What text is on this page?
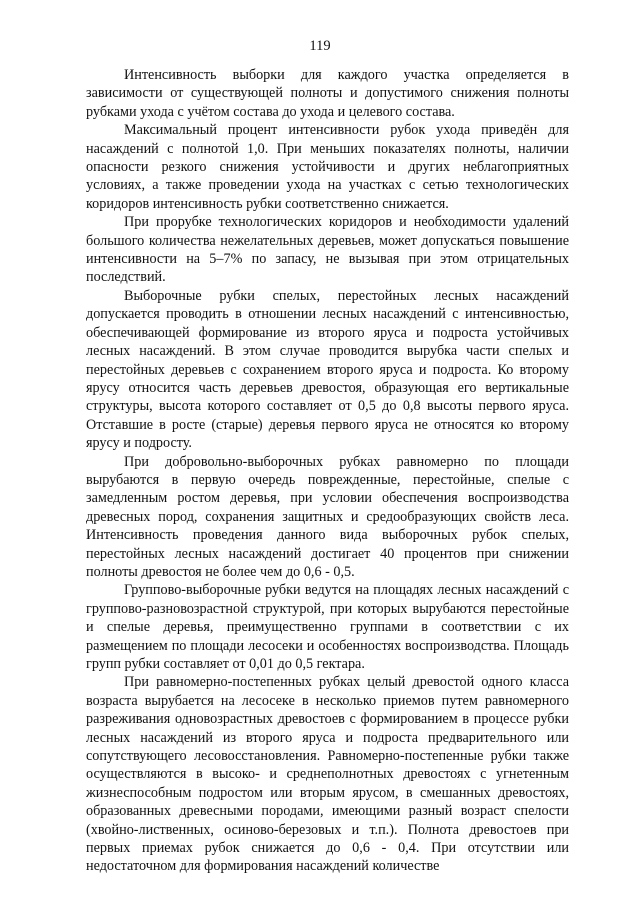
119

Интенсивность выборки для каждого участка определяется в зависимости от существующей полноты и допустимого снижения полноты рубками ухода с учётом состава до ухода и целевого состава.

Максимальный процент интенсивности рубок ухода приведён для насаждений с полнотой 1,0. При меньших показателях полноты, наличии опасности резкого снижения устойчивости и других неблагоприятных условиях, а также проведении ухода на участках с сетью технологических коридоров интенсивность рубки соответственно снижается.

При прорубке технологических коридоров и необходимости удалений большого количества нежелательных деревьев, может допускаться повышение интенсивности на 5–7% по запасу, не вызывая при этом отрицательных последствий.

Выборочные рубки спелых, перестойных лесных насаждений допускается проводить в отношении лесных насаждений с интенсивностью, обеспечивающей формирование из второго яруса и подроста устойчивых лесных насаждений. В этом случае проводится вырубка части спелых и перестойных деревьев с сохранением второго яруса и подроста. Ко второму ярусу относится часть деревьев древостоя, образующая его вертикальные структуры, высота которого составляет от 0,5 до 0,8 высоты первого яруса. Отставшие в росте (старые) деревья первого яруса не относятся ко второму ярусу и подросту.

При добровольно-выборочных рубках равномерно по площади вырубаются в первую очередь поврежденные, перестойные, спелые с замедленным ростом деревья, при условии обеспечения воспроизводства древесных пород, сохранения защитных и средообразующих свойств леса. Интенсивность проведения данного вида выборочных рубок спелых, перестойных лесных насаждений достигает 40 процентов при снижении полноты древостоя не более чем до 0,6 - 0,5.

Группово-выборочные рубки ведутся на площадях лесных насаждений с группово-разновозрастной структурой, при которых вырубаются перестойные и спелые деревья, преимущественно группами в соответствии с их размещением по площади лесосеки и особенностях воспроизводства. Площадь групп рубки составляет от 0,01 до 0,5 гектара.

При равномерно-постепенных рубках целый древостой одного класса возраста вырубается на лесосеке в несколько приемов путем равномерного разреживания одновозрастных древостоев с формированием в процессе рубки лесных насаждений из второго яруса и подроста предварительного или сопутствующего лесовосстановления. Равномерно-постепенные рубки также осуществляются в высоко- и среднеполнотных древостоях с угнетенным жизнеспособным подростом или вторым ярусом, в смешанных древостоях, образованных древесными породами, имеющими разный возраст спелости (хвойно-лиственных, осиново-березовых и т.п.). Полнота древостоев при первых приемах рубок снижается до 0,6 - 0,4. При отсутствии или недостаточном для формирования насаждений количестве
